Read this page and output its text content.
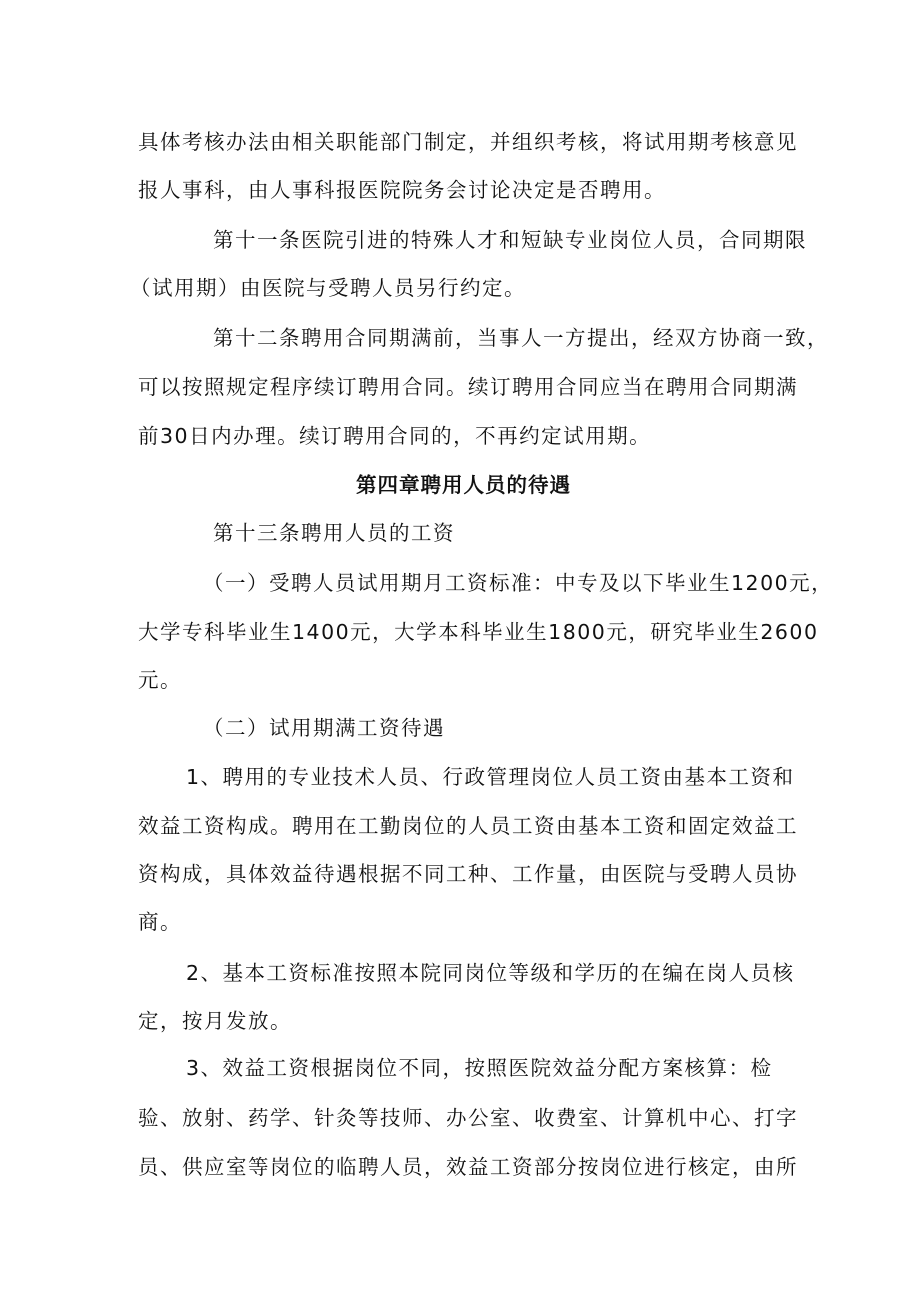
具体考核办法由相关职能部门制定，并组织考核，将试用期考核意见
报人事科，由人事科报医院院务会讨论决定是否聘用。
第十一条医院引进的特殊人才和短缺专业岗位人员，合同期限
（试用期）由医院与受聘人员另行约定。
第十二条聘用合同期满前，当事人一方提出，经双方协商一致，
可以按照规定程序续订聘用合同。续订聘用合同应当在聘用合同期满
前30日内办理。续订聘用合同的，不再约定试用期。
第四章聘用人员的待遇
第十三条聘用人员的工资
（一）受聘人员试用期月工资标准：中专及以下毕业生1200元，
大学专科毕业生1400元，大学本科毕业生1800元，研究毕业生2600
元。
（二）试用期满工资待遇
1、聘用的专业技术人员、行政管理岗位人员工资由基本工资和
效益工资构成。聘用在工勤岗位的人员工资由基本工资和固定效益工
资构成，具体效益待遇根据不同工种、工作量，由医院与受聘人员协
商。
2、基本工资标准按照本院同岗位等级和学历的在编在岗人员核
定，按月发放。
3、效益工资根据岗位不同，按照医院效益分配方案核算：检
验、放射、药学、针灸等技师、办公室、收费室、计算机中心、打字
员、供应室等岗位的临聘人员，效益工资部分按岗位进行核定，由所
